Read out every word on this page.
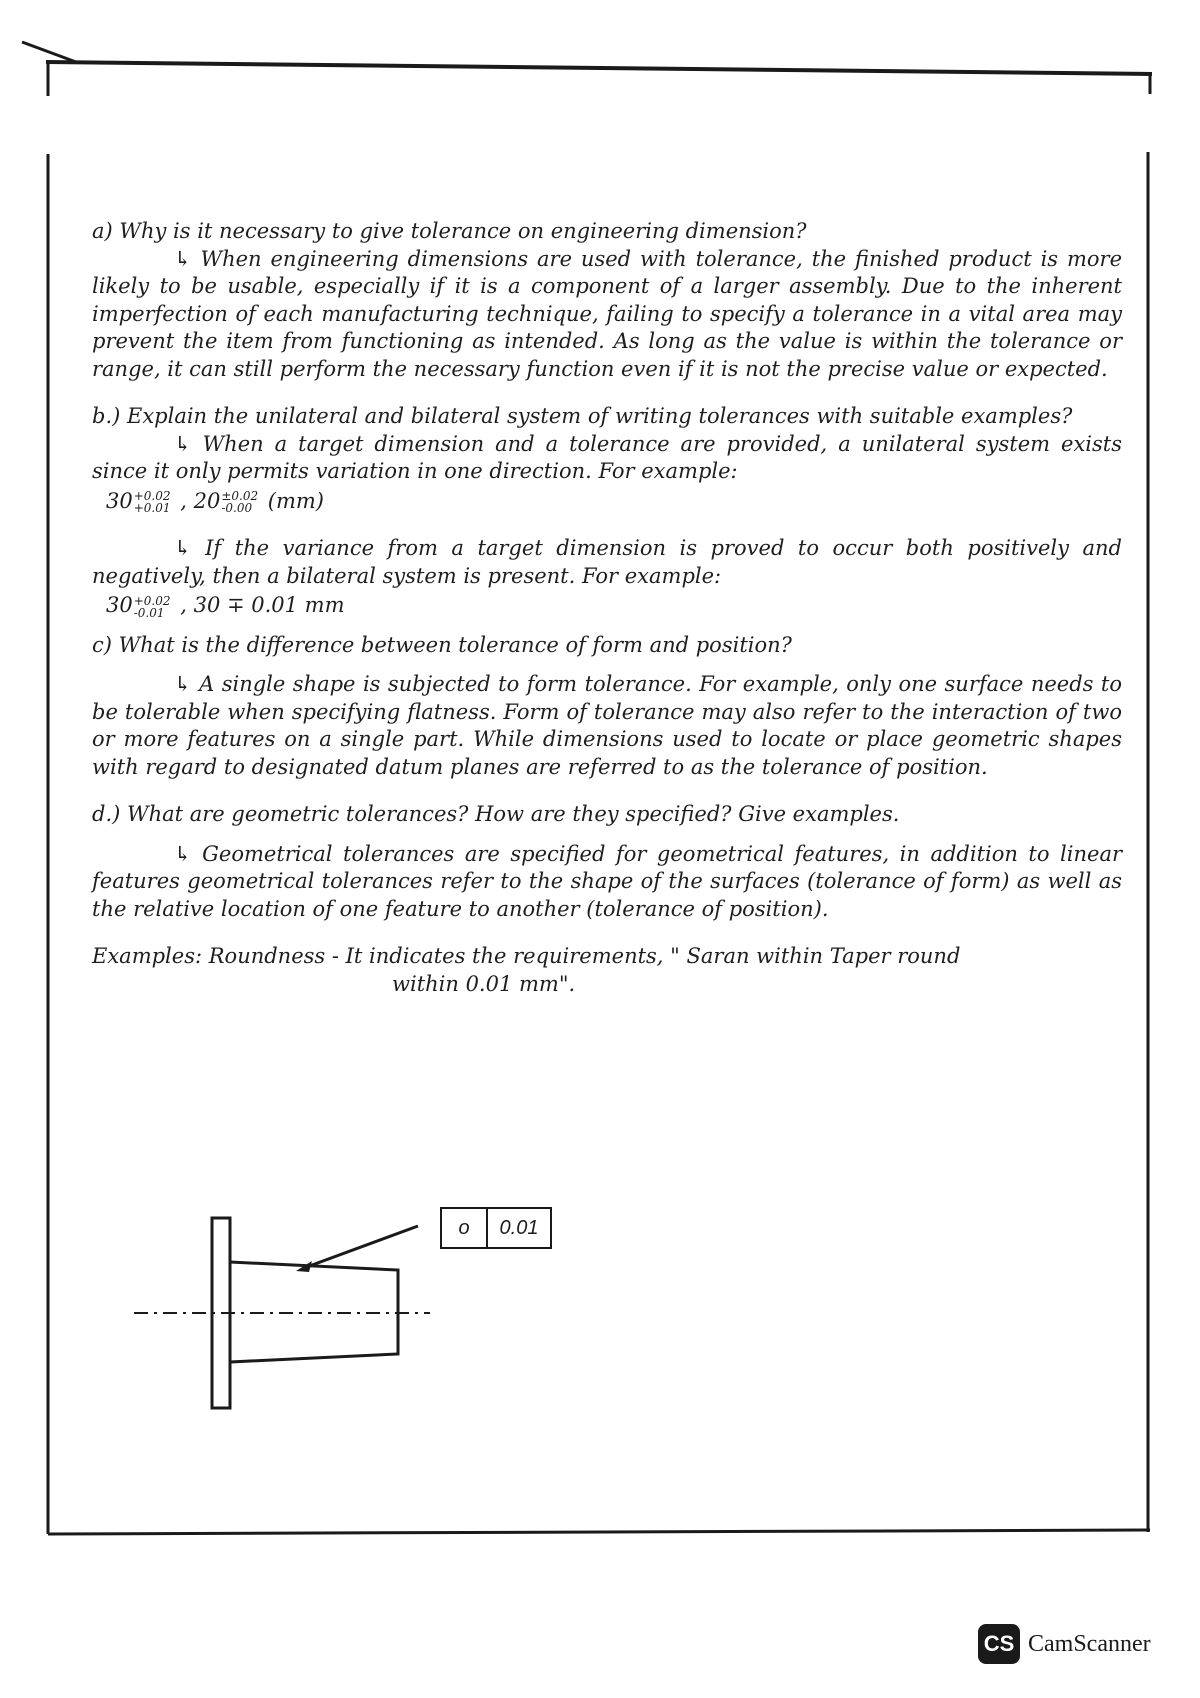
a) Why is it necessary to give tolerance on engineering dimension?

↳ When engineering dimensions are used with tolerance, the finished product is more likely to be usable, especially if it is a component of a larger assembly. Due to the inherent imperfection of each manufacturing technique, failing to specify a tolerance in a vital area may prevent the item from functioning as intended. As long as the value is within the tolerance or range, it can still perform the necessary function even if it is not the precise value or expected.

b.) Explain the unilateral and bilateral system of writing tolerances with suitable examples?

↳ When a target dimension and a tolerance are provided, a unilateral system exists since it only permits variation in one direction. For example:

30 +0.02
+0.01 , 20 ±0.02
-0.00 (mm)

↳ If the variance from a target dimension is proved to occur both positively and negatively, then a bilateral system is present. For example:

30 +0.02
-0.01 , 30 ∓ 0.01 mm

c) What is the difference between tolerance of form and position?

↳ A single shape is subjected to form tolerance. For example, only one surface needs to be tolerable when specifying flatness. Form of tolerance may also refer to the interaction of two or more features on a single part. While dimensions used to locate or place geometric shapes with regard to designated datum planes are referred to as the tolerance of position.

d.) What are geometric tolerances? How are they specified? Give examples.

↳ Geometrical tolerances are specified for geometrical features, in addition to linear features geometrical tolerances refer to the shape of the surfaces (tolerance of form) as well as the relative location of one feature to another (tolerance of position).

Examples: Roundness - It indicates the requirements, " Saran within Taper round

within 0.01 mm".

o	0.01
CS CamScanner
